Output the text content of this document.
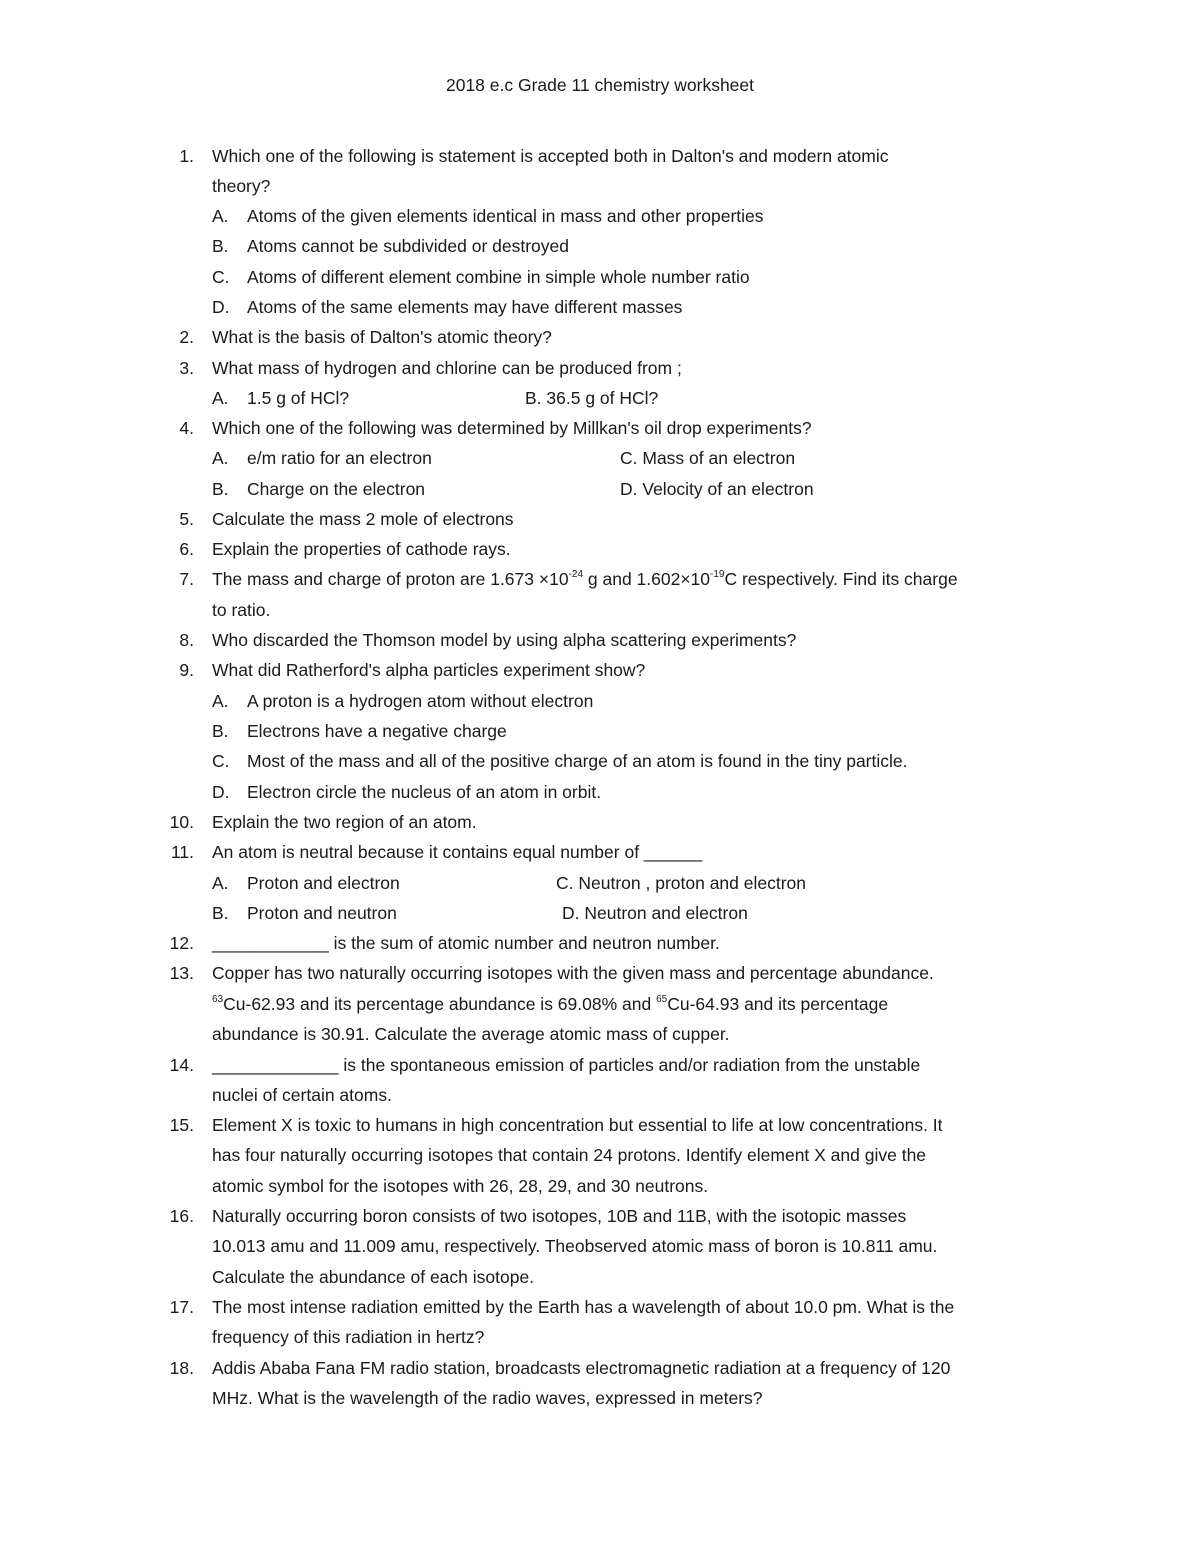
2018 e.c Grade 11 chemistry worksheet
1. Which one of the following is statement is accepted both in Dalton's and modern atomic
theory?
A. Atoms of the given elements identical in mass and other properties
B. Atoms cannot be subdivided or destroyed
C. Atoms of different element combine in simple whole number ratio
D. Atoms of the same elements may have different masses
2. What is the basis of Dalton's atomic theory?
3. What mass of hydrogen and chlorine can be produced from ;
A. 1.5 g of HCl?	B. 36.5 g of HCl?
4. Which one of the following was determined by Millkan's oil drop experiments?
A. e/m ratio for an electron	C. Mass of an electron
B. Charge on the electron	D. Velocity of an electron
5. Calculate the mass 2 mole of electrons
6. Explain the properties of cathode rays.
7. The mass and charge of proton are $1.673 \times 10^{-24}$ g and $1.602\times 10^{-19}C$ respectively. Find its charge
to ratio.
8. Who discarded the Thomson model by using alpha scattering experiments?
9. What did Ratherford's alpha particles experiment show?
A. A proton is a hydrogen atom without electron
B. Electrons have a negative charge
C. Most of the mass and all of the positive charge of an atom is found in the tiny particle.
D. Electron circle the nucleus of an atom in orbit.
10. Explain the two region of an atom.
11. An atom is neutral because it contains equal number of ______
A. Proton and electron	C. Neutron , proton and electron
B. Proton and neutron	D. Neutron and electron
12. ____________ is the sum of atomic number and neutron number.
13. Copper has two naturally occurring isotopes with the given mass and percentage abundance.
$^{63}$Cu-62.93 and its percentage abundance is 69.08% and $^{65}$Cu-64.93 and its percentage
abundance is 30.91. Calculate the average atomic mass of cupper.
14. _____________ is the spontaneous emission of particles and/or radiation from the unstable
nuclei of certain atoms.
15. Element X is toxic to humans in high concentration but essential to life at low concentrations. It
has four naturally occurring isotopes that contain 24 protons. Identify element X and give the
atomic symbol for the isotopes with 26, 28, 29, and 30 neutrons.
16. Naturally occurring boron consists of two isotopes, 10B and 11B, with the isotopic masses
10.013 amu and 11.009 amu, respectively. Theobserved atomic mass of boron is 10.811 amu.
Calculate the abundance of each isotope.
17. The most intense radiation emitted by the Earth has a wavelength of about 10.0 pm. What is the
frequency of this radiation in hertz?
18. Addis Ababa Fana FM radio station, broadcasts electromagnetic radiation at a frequency of 120
MHz. What is the wavelength of the radio waves, expressed in meters?
